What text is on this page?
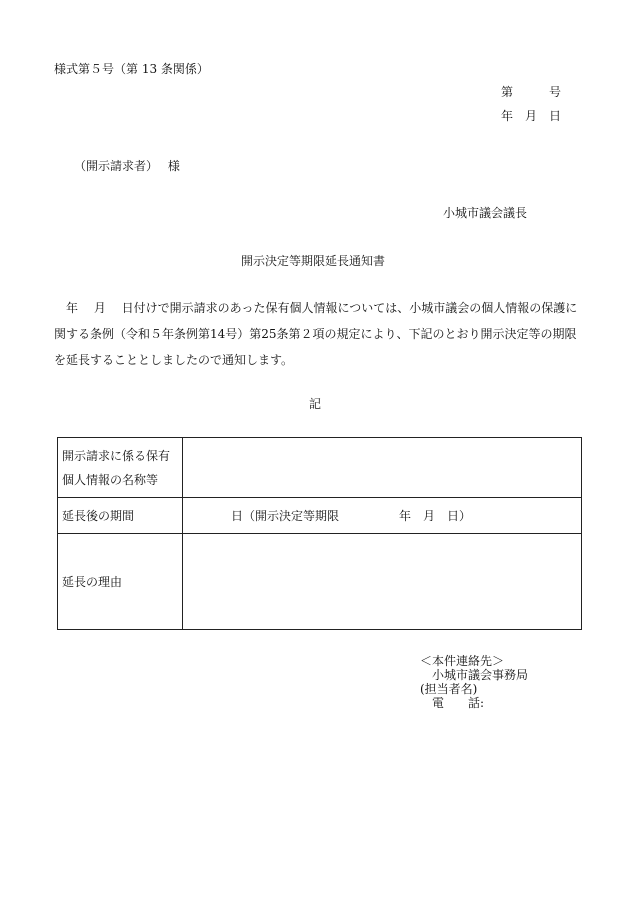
様式第５号（第 13 条関係）
第　　　号
年　月　日
（開示請求者）　 様
小城市議会議長
開示決定等期限延長通知書

　年　 月　 日付けで開示請求のあった保有個人情報については、小城市議会の個人情報の保護に

関する条例（令和５年条例第14号）第25条第２項の規定により、下記のとおり開示決定等の期限

を延長することとしましたので通知します。

記
開示請求に係る保有
個人情報の名称等	

延長後の期間	日（開示決定等期限　　　　　年　月　日）
延長の理由	
＜本件連絡先＞
小城市議会事務局
(担当者名)
電　　話:
